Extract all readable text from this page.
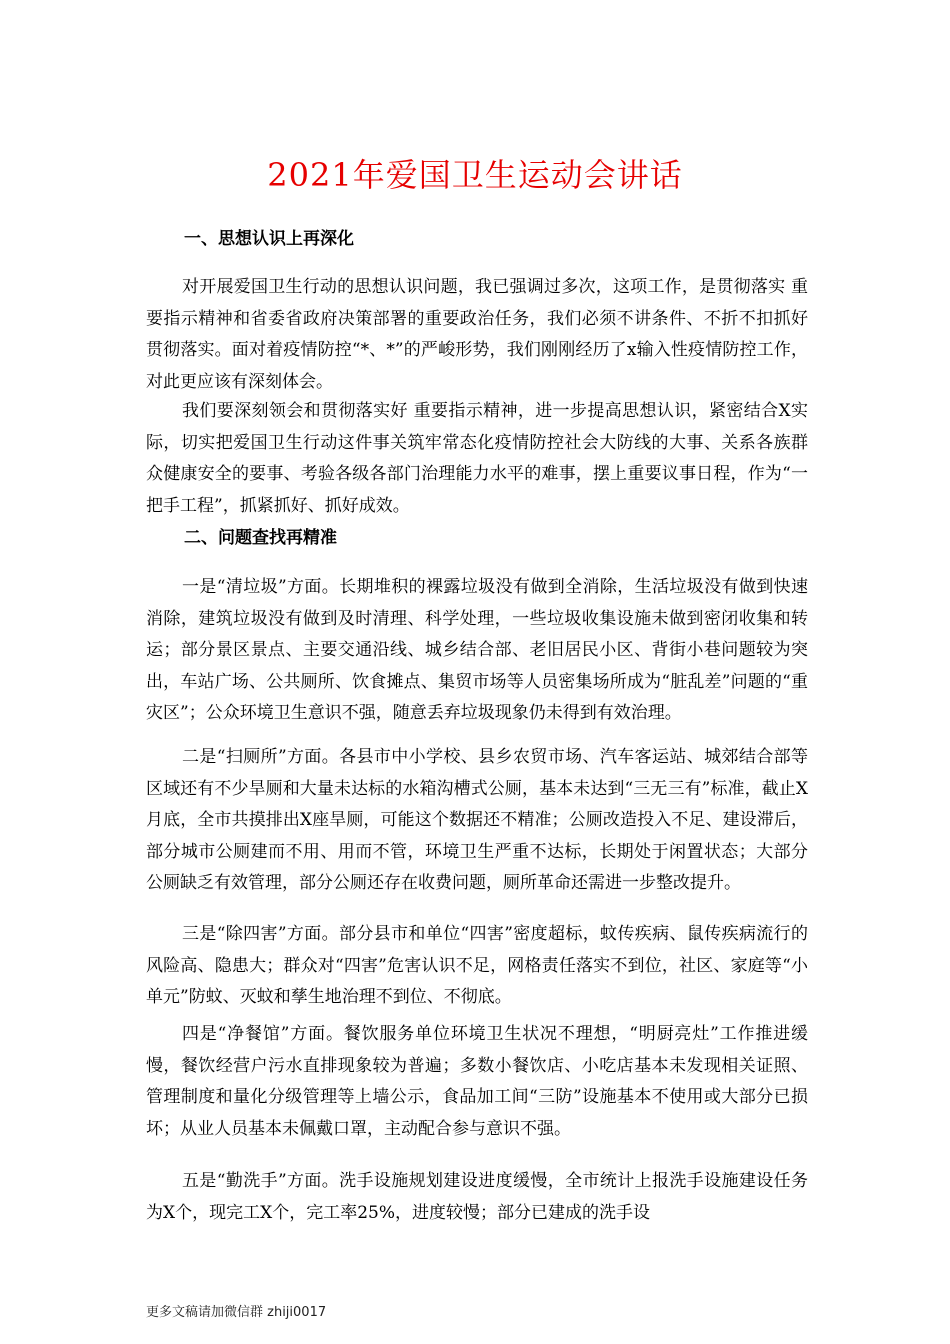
2021年爱国卫生运动会讲话
一、思想认识上再深化
对开展爱国卫生行动的思想认识问题，我已强调过多次，这项工作，是贯彻落实 重要指示精神和省委省政府决策部署的重要政治任务，我们必须不讲条件、不折不扣抓好贯彻落实。面对着疫情防控“*、*”的严峻形势，我们刚刚经历了x输入性疫情防控工作，对此更应该有深刻体会。
我们要深刻领会和贯彻落实好 重要指示精神，进一步提高思想认识，紧密结合X实际，切实把爱国卫生行动这件事关筑牢常态化疫情防控社会大防线的大事、关系各族群众健康安全的要事、考验各级各部门治理能力水平的难事，摆上重要议事日程，作为“一把手工程”，抓紧抓好、抓好成效。
二、问题查找再精准
一是“清垃圾”方面。长期堆积的裸露垃圾没有做到全消除，生活垃圾没有做到快速消除，建筑垃圾没有做到及时清理、科学处理，一些垃圾收集设施未做到密闭收集和转运；部分景区景点、主要交通沿线、城乡结合部、老旧居民小区、背街小巷问题较为突出，车站广场、公共厕所、饮食摊点、集贸市场等人员密集场所成为“脏乱差”问题的“重灾区”；公众环境卫生意识不强，随意丢弃垃圾现象仍未得到有效治理。
二是“扫厕所”方面。各县市中小学校、县乡农贸市场、汽车客运站、城郊结合部等区域还有不少旱厕和大量未达标的水箱沟槽式公厕，基本未达到“三无三有”标准，截止X月底，全市共摸排出X座旱厕，可能这个数据还不精准；公厕改造投入不足、建设滞后，部分城市公厕建而不用、用而不管，环境卫生严重不达标，长期处于闲置状态；大部分公厕缺乏有效管理，部分公厕还存在收费问题，厕所革命还需进一步整改提升。
三是“除四害”方面。部分县市和单位“四害”密度超标，蚊传疾病、鼠传疾病流行的风险高、隐患大；群众对“四害”危害认识不足，网格责任落实不到位，社区、家庭等“小单元”防蚊、灭蚊和孳生地治理不到位、不彻底。
四是“净餐馆”方面。餐饮服务单位环境卫生状况不理想，“明厨亮灶”工作推进缓慢，餐饮经营户污水直排现象较为普遍；多数小餐饮店、小吃店基本未发现相关证照、管理制度和量化分级管理等上墙公示，食品加工间“三防”设施基本不使用或大部分已损坏；从业人员基本未佩戴口罩，主动配合参与意识不强。
五是“勤洗手”方面。洗手设施规划建设进度缓慢，全市统计上报洗手设施建设任务为X个，现完工X个，完工率25%，进度较慢；部分已建成的洗手设
更多文稿请加微信群 zhiji0017
